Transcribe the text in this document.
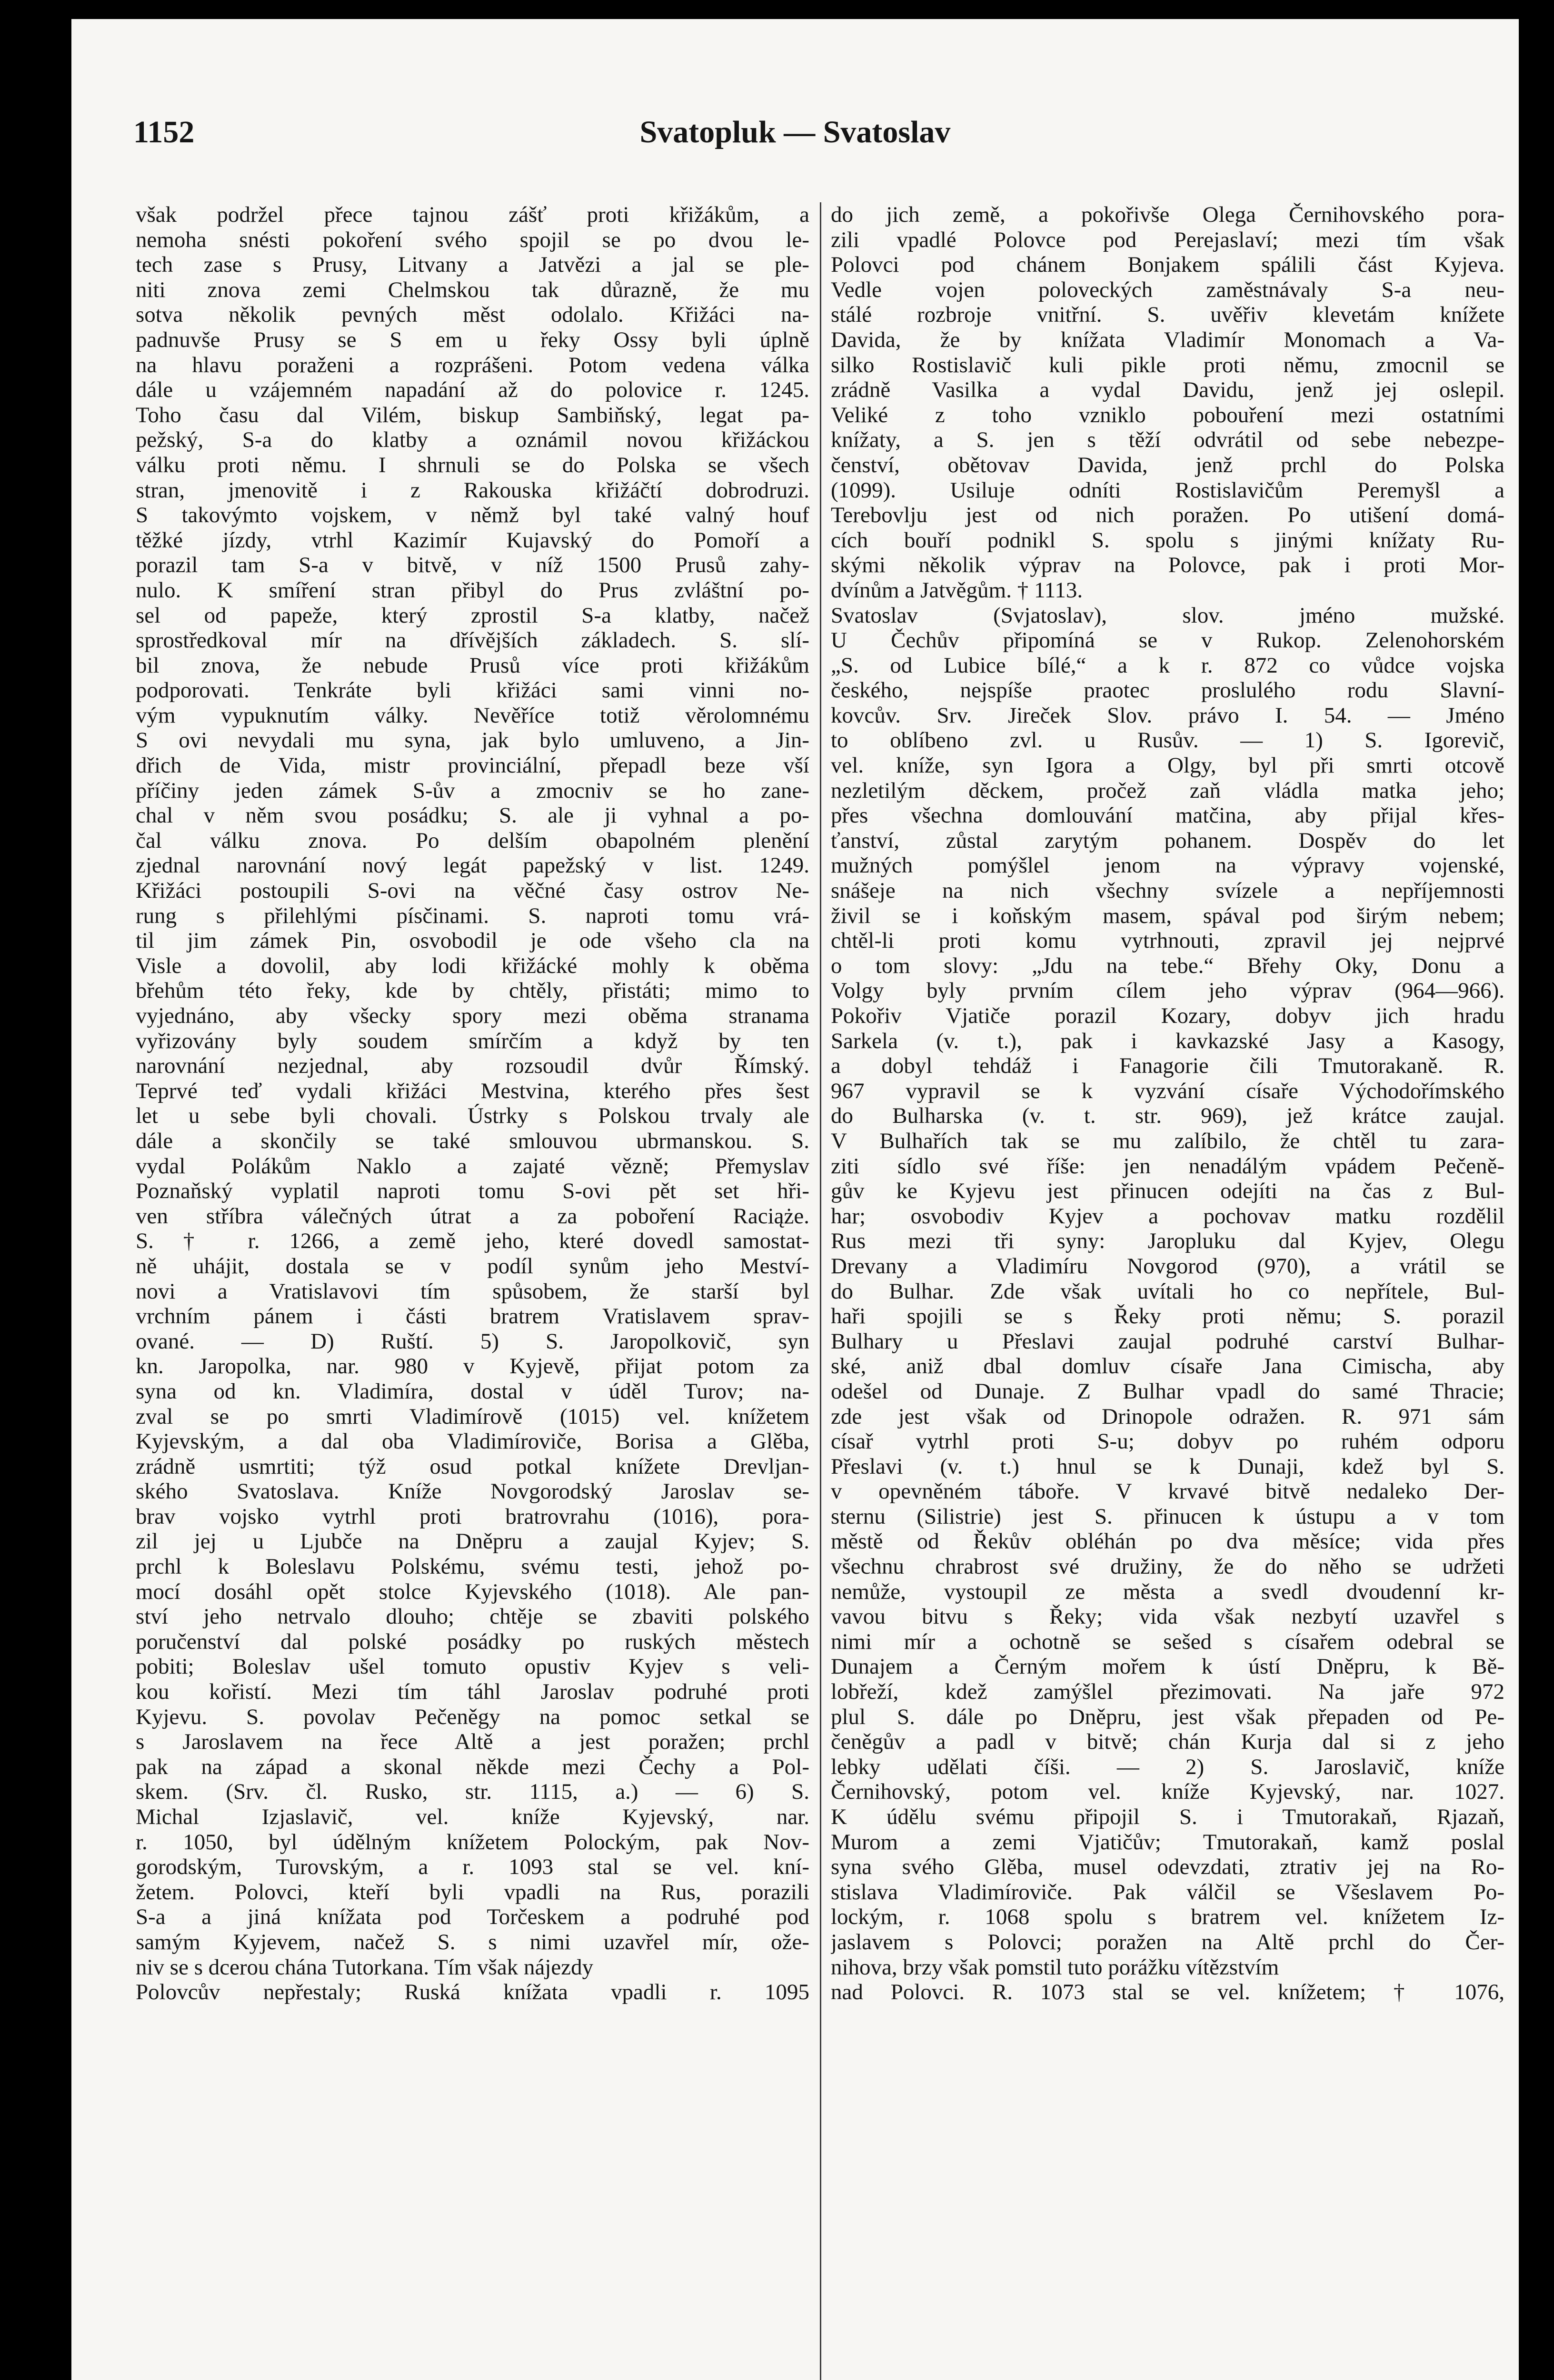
1152	Svatopluk — Svatoslav
však podržel přece tajnou zášť proti křižákům, a
nemoha snésti pokoření svého spojil se po dvou le-
tech zase s Prusy, Litvany a Jatvězi a jal se ple-
niti znova zemi Chelmskou tak důrazně, že mu
sotva několik pevných měst odolalo. Křižáci na-
padnuvše Prusy se S em u řeky Ossy byli úplně
na hlavu poraženi a rozprášeni. Potom vedena válka
dále u vzájemném napadání až do polovice r. 1245.
Toho času dal Vilém, biskup Sambiňský, legat pa-
pežský, S-a do klatby a oznámil novou křižáckou
válku proti němu. I shrnuli se do Polska se všech
stran, jmenovitě i z Rakouska křižáčtí dobrodruzi.
S takovýmto vojskem, v němž byl také valný houf
těžké jízdy, vtrhl Kazimír Kujavský do Pomoří a
porazil tam S-a v bitvě, v níž 1500 Prusů zahy-
nulo. K smíření stran přibyl do Prus zvláštní po-
sel od papeže, který zprostil S-a klatby, načež
sprostředkoval mír na dřívějších základech. S. slí-
bil znova, že nebude Prusů více proti křižákům
podporovati. Tenkráte byli křižáci sami vinni no-
vým vypuknutím války. Nevěříce totiž věrolomnému
S ovi nevydali mu syna, jak bylo umluveno, a Jin-
dřich de Vida, mistr provinciální, přepadl beze vší
příčiny jeden zámek S-ův a zmocniv se ho zane-
chal v něm svou posádku; S. ale ji vyhnal a po-
čal válku znova. Po delším obapolném plenění
zjednal narovnání nový legát papežský v list. 1249.
Křižáci postoupili S-ovi na věčné časy ostrov Ne-
rung s přilehlými písčinami. S. naproti tomu vrá-
til jim zámek Pin, osvobodil je ode všeho cla na
Visle a dovolil, aby lodi křižácké mohly k oběma
břehům této řeky, kde by chtěly, přistáti; mimo to
vyjednáno, aby všecky spory mezi oběma stranama
vyřizovány byly soudem smírčím a když by ten
narovnání nezjednal, aby rozsoudil dvůr Římský.
Teprvé teď vydali křižáci Mestvina, kterého přes šest
let u sebe byli chovali. Ústrky s Polskou trvaly ale
dále a skončily se také smlouvou ubrmanskou. S.
vydal Polákům Naklo a zajaté vězně; Přemyslav
Poznaňský vyplatil naproti tomu S-ovi pět set hři-
ven stříbra válečných útrat a za poboření Raciąże.
S. † r. 1266, a země jeho, které dovedl samostat-
ně uhájit, dostala se v podíl synům jeho Meství-
novi a Vratislavovi tím spůsobem, že starší byl
vrchním pánem i části bratrem Vratislavem sprav-
ované. — D) Ruští. 5) S. Jaropolkovič, syn
kn. Jaropolka, nar. 980 v Kyjevě, přijat potom za
syna od kn. Vladimíra, dostal v úděl Turov; na-
zval se po smrti Vladimírově (1015) vel. knížetem
Kyjevským, a dal oba Vladimíroviče, Borisa a Glěba,
zrádně usmrtiti; týž osud potkal knížete Drevljan-
ského Svatoslava. Kníže Novgorodský Jaroslav se-
brav vojsko vytrhl proti bratrovrahu (1016), pora-
zil jej u Ljubče na Dněpru a zaujal Kyjev; S.
prchl k Boleslavu Polskému, svému testi, jehož po-
mocí dosáhl opět stolce Kyjevského (1018). Ale pan-
ství jeho netrvalo dlouho; chtěje se zbaviti polského
poručenství dal polské posádky po ruských městech
pobiti; Boleslav ušel tomuto opustiv Kyjev s veli-
kou kořistí. Mezi tím táhl Jaroslav podruhé proti
Kyjevu. S. povolav Pečeněgy na pomoc setkal se
s Jaroslavem na řece Altě a jest poražen; prchl
pak na západ a skonal někde mezi Čechy a Pol-
skem. (Srv. čl. Rusko, str. 1115, a.) — 6) S.
Michal Izjaslavič, vel. kníže Kyjevský, nar.
r. 1050, byl údělným knížetem Polockým, pak Nov-
gorodským, Turovským, a r. 1093 stal se vel. kní-
žetem. Polovci, kteří byli vpadli na Rus, porazili
S-a a jiná knížata pod Torčeskem a podruhé pod
samým Kyjevem, načež S. s nimi uzavřel mír, ože-
niv se s dcerou chána Tutorkana. Tím však nájezdy
Polovcův nepřestaly; Ruská knížata vpadli r. 1095
do jich země, a pokořivše Olega Černihovského pora-
zili vpadlé Polovce pod Perejaslaví; mezi tím však
Polovci pod chánem Bonjakem spálili část Kyjeva.
Vedle vojen poloveckých zaměstnávaly S-a neu-
stálé rozbroje vnitřní. S. uvěřiv klevetám knížete
Davida, že by knížata Vladimír Monomach a Va-
silko Rostislavič kuli pikle proti němu, zmocnil se
zrádně Vasilka a vydal Davidu, jenž jej oslepil.
Veliké z toho vzniklo pobouření mezi ostatními
knížaty, a S. jen s těží odvrátil od sebe nebezpe-
čenství, obětovav Davida, jenž prchl do Polska
(1099). Usiluje odníti Rostislavičům Peremyšl a
Terebovlju jest od nich poražen. Po utišení domá-
cích bouří podnikl S. spolu s jinými knížaty Ru-
skými několik výprav na Polovce, pak i proti Mor-
dvínům a Jatvěgům. † 1113.
Svatoslav (Svjatoslav), slov. jméno mužské.
U Čechův připomíná se v Rukop. Zelenohorském
„S. od Lubice bílé,“ a k r. 872 co vůdce vojska
českého, nejspíše praotec proslulého rodu Slavní-
kovcův. Srv. Jireček Slov. právo I. 54. — Jméno
to oblíbeno zvl. u Rusův. — 1) S. Igorevič,
vel. kníže, syn Igora a Olgy, byl při smrti otcově
nezletilým děckem, pročež zaň vládla matka jeho;
přes všechna domlouvání matčina, aby přijal křes-
ťanství, zůstal zarytým pohanem. Dospěv do let
mužných pomýšlel jenom na výpravy vojenské,
snášeje na nich všechny svízele a nepříjemnosti
živil se i koňským masem, spával pod širým nebem;
chtěl-li proti komu vytrhnouti, zpravil jej nejprvé
o tom slovy: „Jdu na tebe.“ Břehy Oky, Donu a
Volgy byly prvním cílem jeho výprav (964—966).
Pokořiv Vjatiče porazil Kozary, dobyv jich hradu
Sarkela (v. t.), pak i kavkazské Jasy a Kasogy,
a dobyl tehdáž i Fanagorie čili Tmutorakaně. R.
967 vypravil se k vyzvání císaře Východořímského
do Bulharska (v. t. str. 969), jež krátce zaujal.
V Bulhařích tak se mu zalíbilo, že chtěl tu zara-
ziti sídlo své říše: jen nenadálým vpádem Pečeně-
gův ke Kyjevu jest přinucen odejíti na čas z Bul-
har; osvobodiv Kyjev a pochovav matku rozdělil
Rus mezi tři syny: Jaropluku dal Kyjev, Olegu
Drevany a Vladimíru Novgorod (970), a vrátil se
do Bulhar. Zde však uvítali ho co nepřítele, Bul-
haři spojili se s Řeky proti němu; S. porazil
Bulhary u Přeslavi zaujal podruhé carství Bulhar-
ské, aniž dbal domluv císaře Jana Cimischa, aby
odešel od Dunaje. Z Bulhar vpadl do samé Thracie;
zde jest však od Drinopole odražen. R. 971 sám
císař vytrhl proti S-u; dobyv po ruhém odporu
Přeslavi (v. t.) hnul se k Dunaji, kdež byl S.
v opevněném táboře. V krvavé bitvě nedaleko Der-
sternu (Silistrie) jest S. přinucen k ústupu a v tom
městě od Řekův obléhán po dva měsíce; vida přes
všechnu chrabrost své družiny, že do něho se udržeti
nemůže, vystoupil ze města a svedl dvoudenní kr-
vavou bitvu s Řeky; vida však nezbytí uzavřel s
nimi mír a ochotně se sešed s císařem odebral se
Dunajem a Černým mořem k ústí Dněpru, k Bě-
lobřeží, kdež zamýšlel přezimovati. Na jaře 972
plul S. dále po Dněpru, jest však přepaden od Pe-
čeněgův a padl v bitvě; chán Kurja dal si z jeho
lebky udělati číši. — 2) S. Jaroslavič, kníže
Černihovský, potom vel. kníže Kyjevský, nar. 1027.
K údělu svému připojil S. i Tmutorakaň, Rjazaň,
Murom a zemi Vjatičův; Tmutorakaň, kamž poslal
syna svého Glěba, musel odevzdati, ztrativ jej na Ro-
stislava Vladimíroviče. Pak válčil se Všeslavem Po-
lockým, r. 1068 spolu s bratrem vel. knížetem Iz-
jaslavem s Polovci; poražen na Altě prchl do Čer-
nihova, brzy však pomstil tuto porážku vítězstvím
nad Polovci. R. 1073 stal se vel. knížetem; † 1076,
